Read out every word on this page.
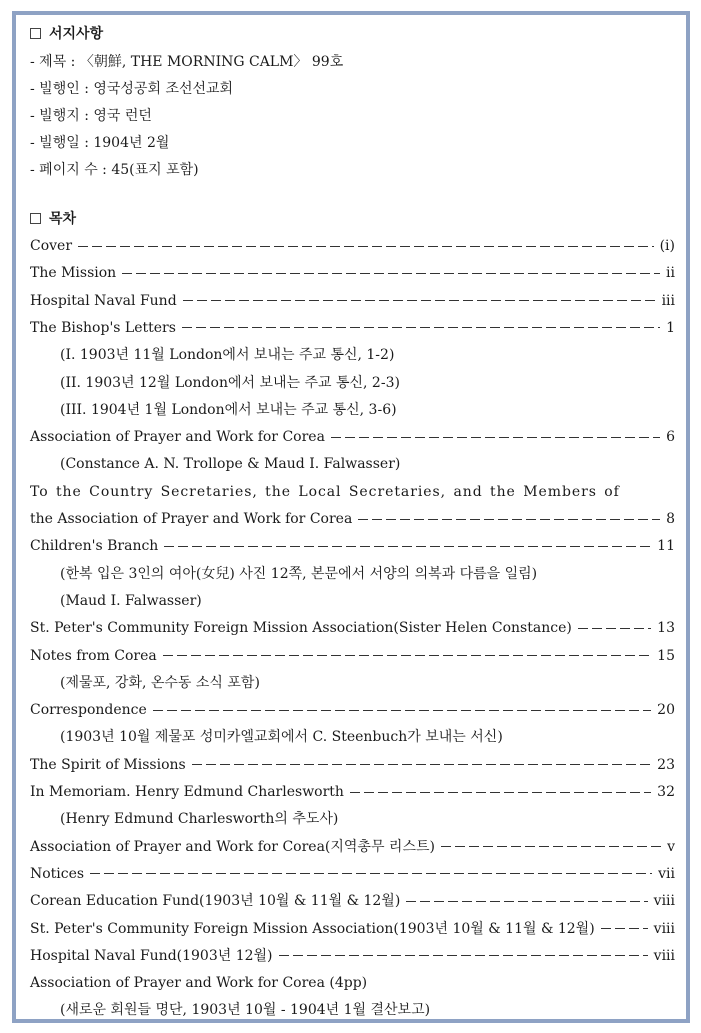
서지사항
- 제목 : 〈朝鮮, THE MORNING CALM〉 99호
- 빌행인 : 영국성공회 조선선교회
- 빌행지 : 영국 런던
- 빌행일 : 1904년 2월
- 페이지 수 : 45(표지 포함)
목차
Cover	(i)
The Mission	ii
Hospital Naval Fund	iii
The Bishop's Letters	1
(I. 1903년 11월 London에서 보내는 주교 통신, 1-2)
(II. 1903년 12월 London에서 보내는 주교 통신, 2-3)
(III. 1904년 1월 London에서 보내는 주교 통신, 3-6)
Association of Prayer and Work for Corea	6
(Constance A. N. Trollope & Maud I. Falwasser)
To the Country Secretaries, the Local Secretaries, and the Members of
the Association of Prayer and Work for Corea	8
Children's Branch	11
(한복 입은 3인의 여아(女兒) 사진 12쪽, 본문에서 서양의 의복과 다름을 일림)
(Maud I. Falwasser)
St. Peter's Community Foreign Mission Association(Sister Helen Constance)	13
Notes from Corea	15
(제물포, 강화, 온수동 소식 포함)
Correspondence	20
(1903년 10월 제물포 성미카엘교회에서 C. Steenbuch가 보내는 서신)
The Spirit of Missions	23
In Memoriam. Henry Edmund Charlesworth	32
(Henry Edmund Charlesworth의 추도사)
Association of Prayer and Work for Corea(지역총무 리스트)	v
Notices	vii
Corean Education Fund(1903년 10월 & 11월 & 12월)	viii
St. Peter's Community Foreign Mission Association(1903년 10월 & 11월 & 12월)	viii
Hospital Naval Fund(1903년 12월)	viii
Association of Prayer and Work for Corea (4pp)
(새로운 회원들 명단, 1903년 10월 - 1904년 1월 결산보고)
